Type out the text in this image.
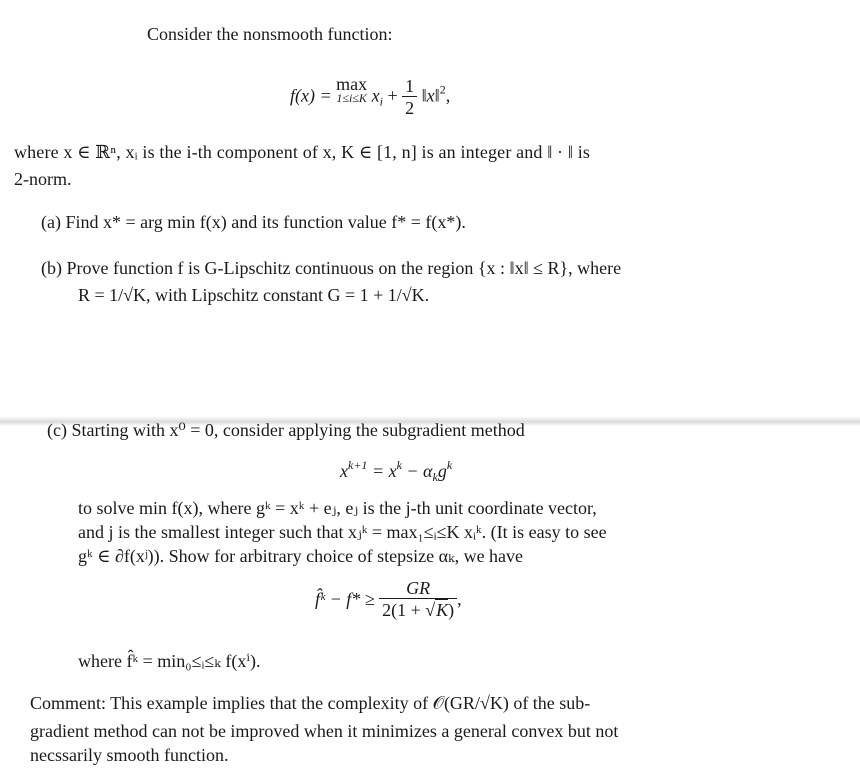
Consider the nonsmooth function:
f(x) =
max
1≤i≤K $x_i + \frac{1}{2}$ ‖x‖$^2$,
where x ∈ ℝⁿ, xᵢ is the i-th component of x, K ∈ [1, n] is an integer and ‖ · ‖ is
2-norm.
(a) Find x* = arg min f(x) and its function value f* = f(x*).
(b) Prove function f is G-Lipschitz continuous on the region {x : ‖x‖ ≤ R}, where
R = 1/√K, with Lipschitz constant G = 1 + 1/√K.
(c) Starting with x⁰ = 0, consider applying the subgradient method
$x^{k+1} = x^k - \alpha_kg^k$
to solve min f(x), where gᵏ = xᵏ + eⱼ, eⱼ is the j-th unit coordinate vector,
and j is the smallest integer such that xⱼᵏ = max₁≤ᵢ≤K xᵢᵏ. (It is easy to see
gᵏ ∈ ∂f(xʲ)). Show for arbitrary choice of stepsize αₖ, we have
f̂ᵏ − $f* \ge \frac{GR}{2(1 + √K)}$ ,
where f̂ᵏ = min₀≤ᵢ≤ₖ f(xⁱ).
Comment: This example implies that the complexity of 𝒪(GR/√K) of the sub-
gradient method can not be improved when it minimizes a general convex but not
necssarily smooth function.
